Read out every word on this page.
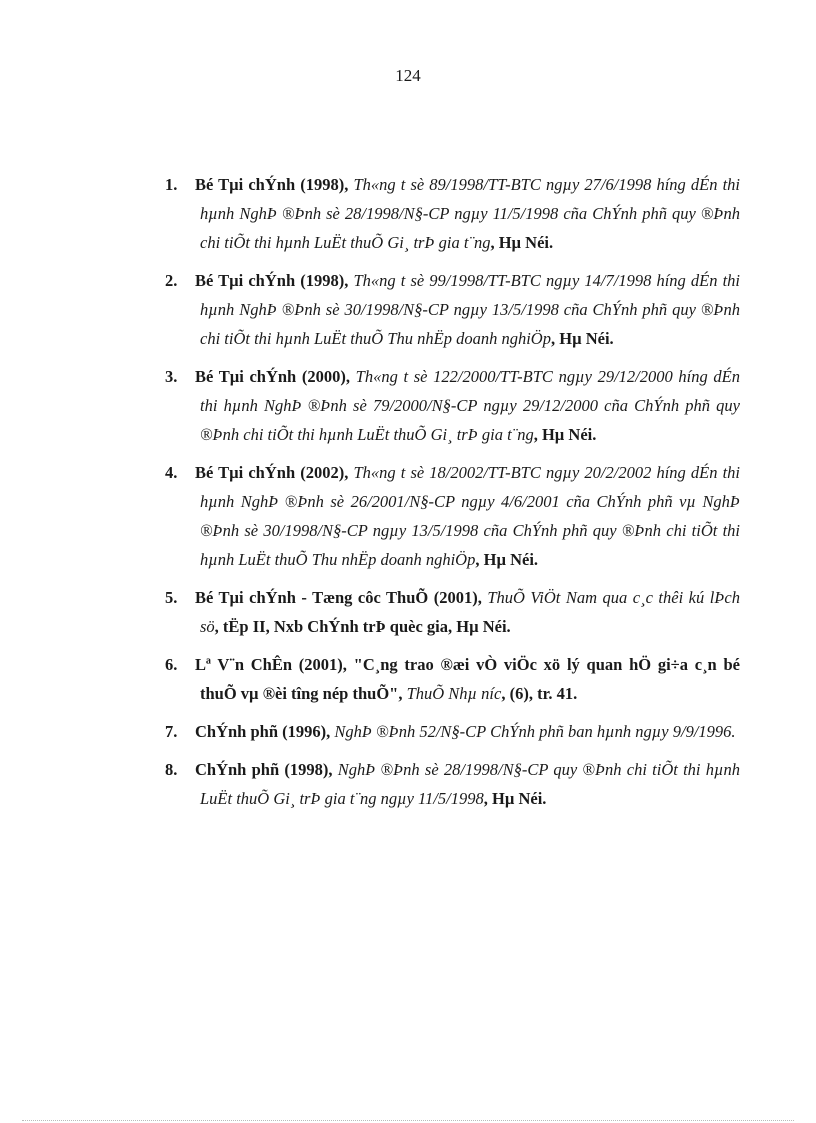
124
1. Bé Tµi chÝnh (1998), Th«ng t sè 89/1998/TT-BTC ngµy 27/6/1998 híng dÉn thi hµnh NghÞ ®Þnh sè 28/1998/N§-CP ngµy 11/5/1998 cña ChÝnh phñ quy ®Þnh chi tiÕt thi hµnh LuËt thuÕ Gi¸ trÞ gia t¨ng, Hµ Néi.
2. Bé Tµi chÝnh (1998), Th«ng t sè 99/1998/TT-BTC ngµy 14/7/1998 híng dÉn thi hµnh NghÞ ®Þnh sè 30/1998/N§-CP ngµy 13/5/1998 cña ChÝnh phñ quy ®Þnh chi tiÕt thi hµnh LuËt thuÕ Thu nhËp doanh nghiÖp, Hµ Néi.
3. Bé Tµi chÝnh (2000), Th«ng t sè 122/2000/TT-BTC ngµy 29/12/2000 híng dÉn thi hµnh NghÞ ®Þnh sè 79/2000/N§-CP ngµy 29/12/2000 cña ChÝnh phñ quy ®Þnh chi tiÕt thi hµnh LuËt thuÕ Gi¸ trÞ gia t¨ng, Hµ Néi.
4. Bé Tµi chÝnh (2002), Th«ng t sè 18/2002/TT-BTC ngµy 20/2/2002 híng dÉn thi hµnh NghÞ ®Þnh sè 26/2001/N§-CP ngµy 4/6/2001 cña ChÝnh phñ vµ NghÞ ®Þnh sè 30/1998/N§-CP ngµy 13/5/1998 cña ChÝnh phñ quy ®Þnh chi tiÕt thi hµnh LuËt thuÕ Thu nhËp doanh nghiÖp, Hµ Néi.
5. Bé Tµi chÝnh - Tæng côc ThuÕ (2001), ThuÕ ViÖt Nam qua c¸c thêi kú lÞch sö, tËp II, Nxb ChÝnh trÞ quèc gia, Hµ Néi.
6. Lª V¨n ChÊn (2001), "C¸ng trao ®æi vÒ viÖc xö lý quan hÖ gi÷a c¸n bé thuÕ vµ ®èi tîng nép thuÕ", ThuÕ Nhµ níc, (6), tr. 41.
7. ChÝnh phñ (1996), NghÞ ®Þnh 52/N§-CP ChÝnh phñ ban hµnh ngµy 9/9/1996.
8. ChÝnh phñ (1998), NghÞ ®Þnh sè 28/1998/N§-CP quy ®Þnh chi tiÕt thi hµnh LuËt thuÕ Gi¸ trÞ gia t¨ng ngµy 11/5/1998, Hµ Néi.
